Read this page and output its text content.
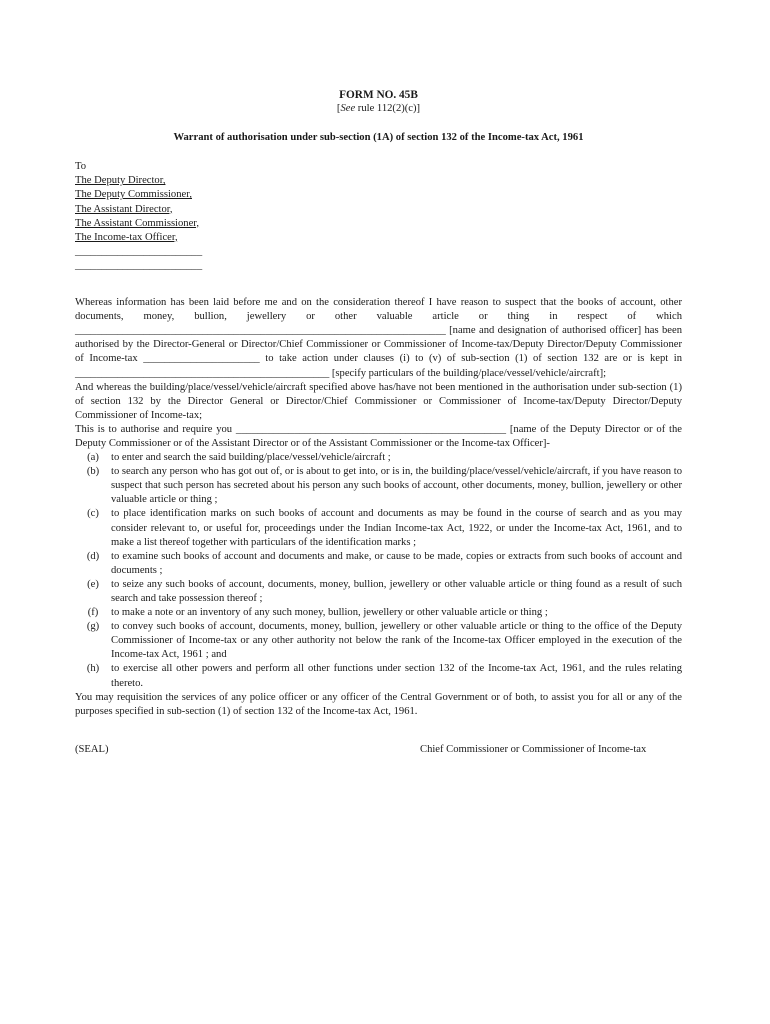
FORM NO. 45B

[See rule 112(2)(c)]

Warrant of authorisation under sub-section (1A) of section 132 of the Income-tax Act, 1961

To
The Deputy Director,
The Deputy Commissioner,
The Assistant Director,
The Assistant Commissioner,
The Income-tax Officer,
________________________
________________________

Whereas information has been laid before me and on the consideration thereof I have reason to suspect that the books of account, other documents, money, bullion, jewellery or other valuable article or thing in respect of which ______________________________________________________________________ [name and designation of authorised officer] has been authorised by the Director-General or Director/Chief Commissioner or Commissioner of Income-tax/Deputy Director/Deputy Commissioner of Income-tax ______________________ to take action under clauses (i) to (v) of sub-section (1) of section 132 are or is kept in ________________________________________________ [specify particulars of the building/place/vessel/vehicle/aircraft];

And whereas the building/place/vessel/vehicle/aircraft specified above has/have not been mentioned in the authorisation under sub-section (1) of section 132 by the Director General or Director/Chief Commissioner or Commissioner of Income-tax/Deputy Director/Deputy Commissioner of Income-tax;

This is to authorise and require you ___________________________________________________ [name of the Deputy Director or of the Deputy Commissioner or of the Assistant Director or of the Assistant Commissioner or the Income-tax Officer]-

(a)	to enter and search the said building/place/vessel/vehicle/aircraft ;
(b)	to search any person who has got out of, or is about to get into, or is in, the building/place/vessel/vehicle/aircraft, if you have reason to suspect that such person has secreted about his person any such books of account, other documents, money, bullion, jewellery or other valuable article or thing ;
(c)	to place identification marks on such books of account and documents as may be found in the course of search and as you may consider relevant to, or useful for, proceedings under the Indian Income-tax Act, 1922, or under the Income-tax Act, 1961, and to make a list thereof together with particulars of the identification marks ;
(d)	to examine such books of account and documents and make, or cause to be made, copies or extracts from such books of account and documents ;
(e)	to seize any such books of account, documents, money, bullion, jewellery or other valuable article or thing found as a result of such search and take possession thereof ;
(f)	to make a note or an inventory of any such money, bullion, jewellery or other valuable article or thing ;
(g)	to convey such books of account, documents, money, bullion, jewellery or other valuable article or thing to the office of the Deputy Commissioner of Income-tax or any other authority not below the rank of the Income-tax Officer employed in the execution of the Income-tax Act, 1961 ; and
(h)	to exercise all other powers and perform all other functions under section 132 of the Income-tax Act, 1961, and the rules relating thereto.

You may requisition the services of any police officer or any officer of the Central Government or of both, to assist you for all or any of the purposes specified in sub-section (1) of section 132 of the Income-tax Act, 1961.

(SEAL)	Chief Commissioner or Commissioner of Income-tax
